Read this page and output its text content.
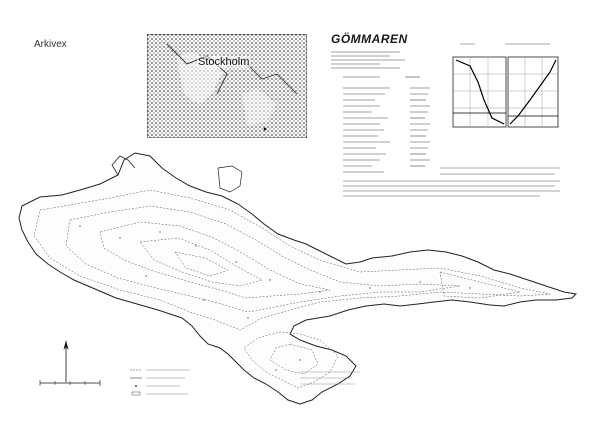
Arkivex	GÖMMAREN
Stockholm
